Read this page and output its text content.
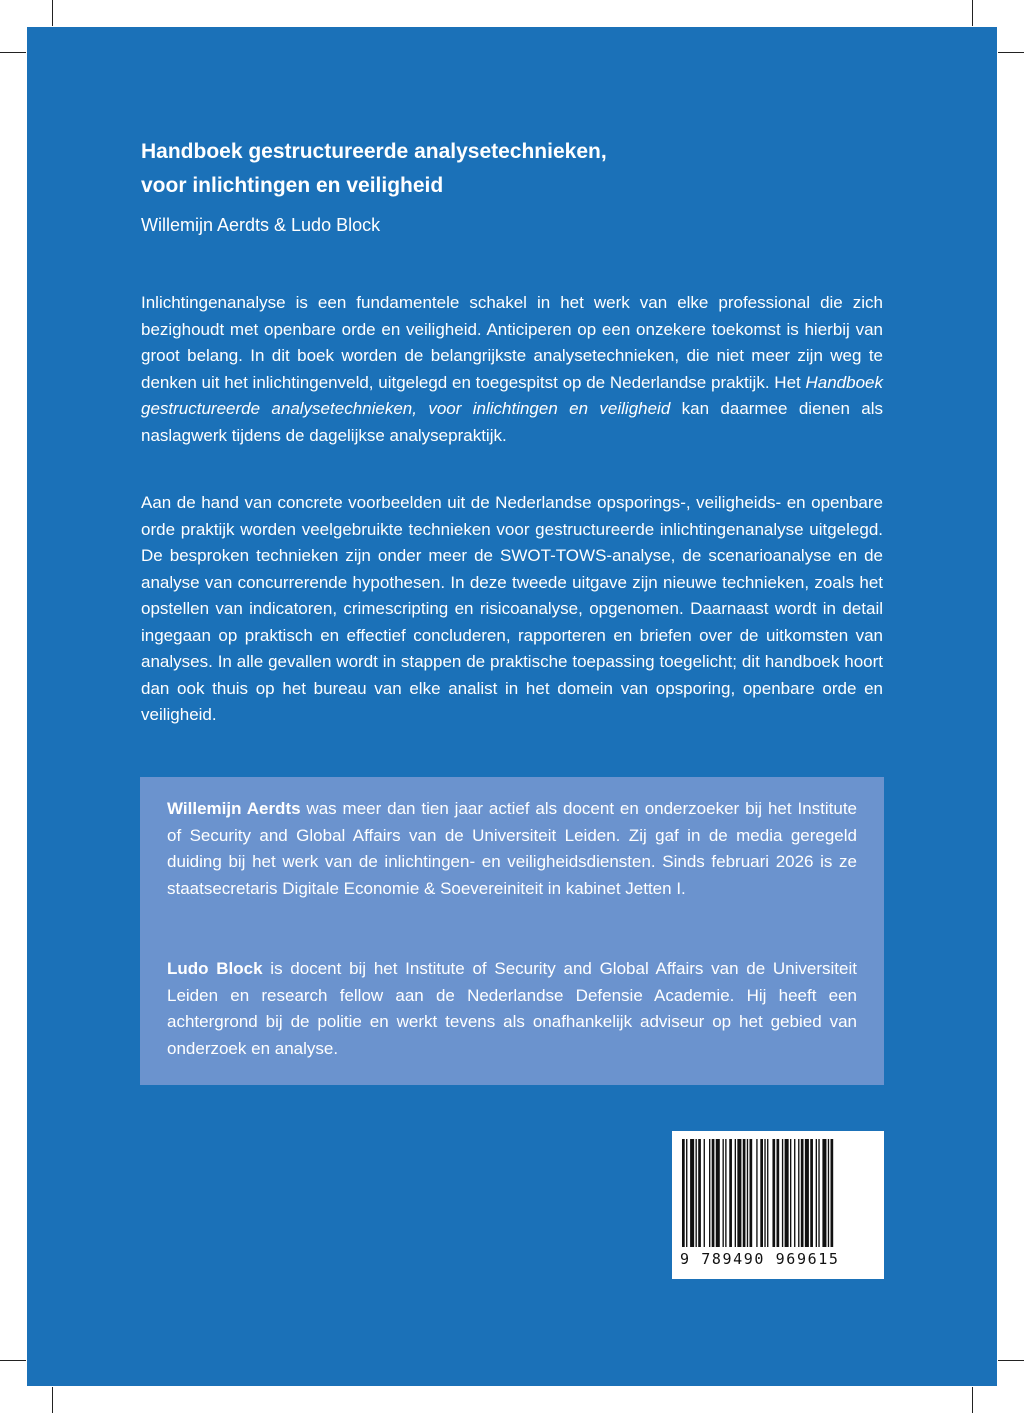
Handboek gestructureerde analysetechnieken,
voor inlichtingen en veiligheid
Willemijn Aerdts & Ludo Block

Inlichtingenanalyse is een fundamentele schakel in het werk van elke professional die zich bezighoudt met openbare orde en veiligheid. Anticiperen op een onzekere toekomst is hierbij van groot belang. In dit boek worden de belangrijkste analysetechnieken, die niet meer zijn weg te denken uit het inlichtingenveld, uitgelegd en toegespitst op de Nederlandse praktijk. Het Handboek gestructureerde analysetechnieken, voor inlichtingen en veiligheid kan daarmee dienen als naslagwerk tijdens de dagelijkse analysepraktijk.

Aan de hand van concrete voorbeelden uit de Nederlandse opsporings-, veiligheids- en openbare orde praktijk worden veelgebruikte technieken voor gestructureerde inlichtingenanalyse uitgelegd. De besproken technieken zijn onder meer de SWOT-TOWS-analyse, de scenarioanalyse en de analyse van concurrerende hypothesen. In deze tweede uitgave zijn nieuwe technieken, zoals het opstellen van indicatoren, crimescripting en risicoanalyse, opgenomen. Daarnaast wordt in detail ingegaan op praktisch en effectief concluderen, rapporteren en briefen over de uitkomsten van analyses. In alle gevallen wordt in stappen de praktische toepassing toegelicht; dit handboek hoort dan ook thuis op het bureau van elke analist in het domein van opsporing, openbare orde en veiligheid.

Willemijn Aerdts was meer dan tien jaar actief als docent en onderzoeker bij het Institute of Security and Global Affairs van de Universiteit Leiden. Zij gaf in de media geregeld duiding bij het werk van de inlichtingen- en veiligheidsdiensten. Sinds februari 2026 is ze staatsecretaris Digitale Economie & Soevereiniteit in kabinet Jetten I.

Ludo Block is docent bij het Institute of Security and Global Affairs van de Universiteit Leiden en research fellow aan de Nederlandse Defensie Academie. Hij heeft een achtergrond bij de politie en werkt tevens als onafhankelijk adviseur op het gebied van onderzoek en analyse.

9 789490 969615
